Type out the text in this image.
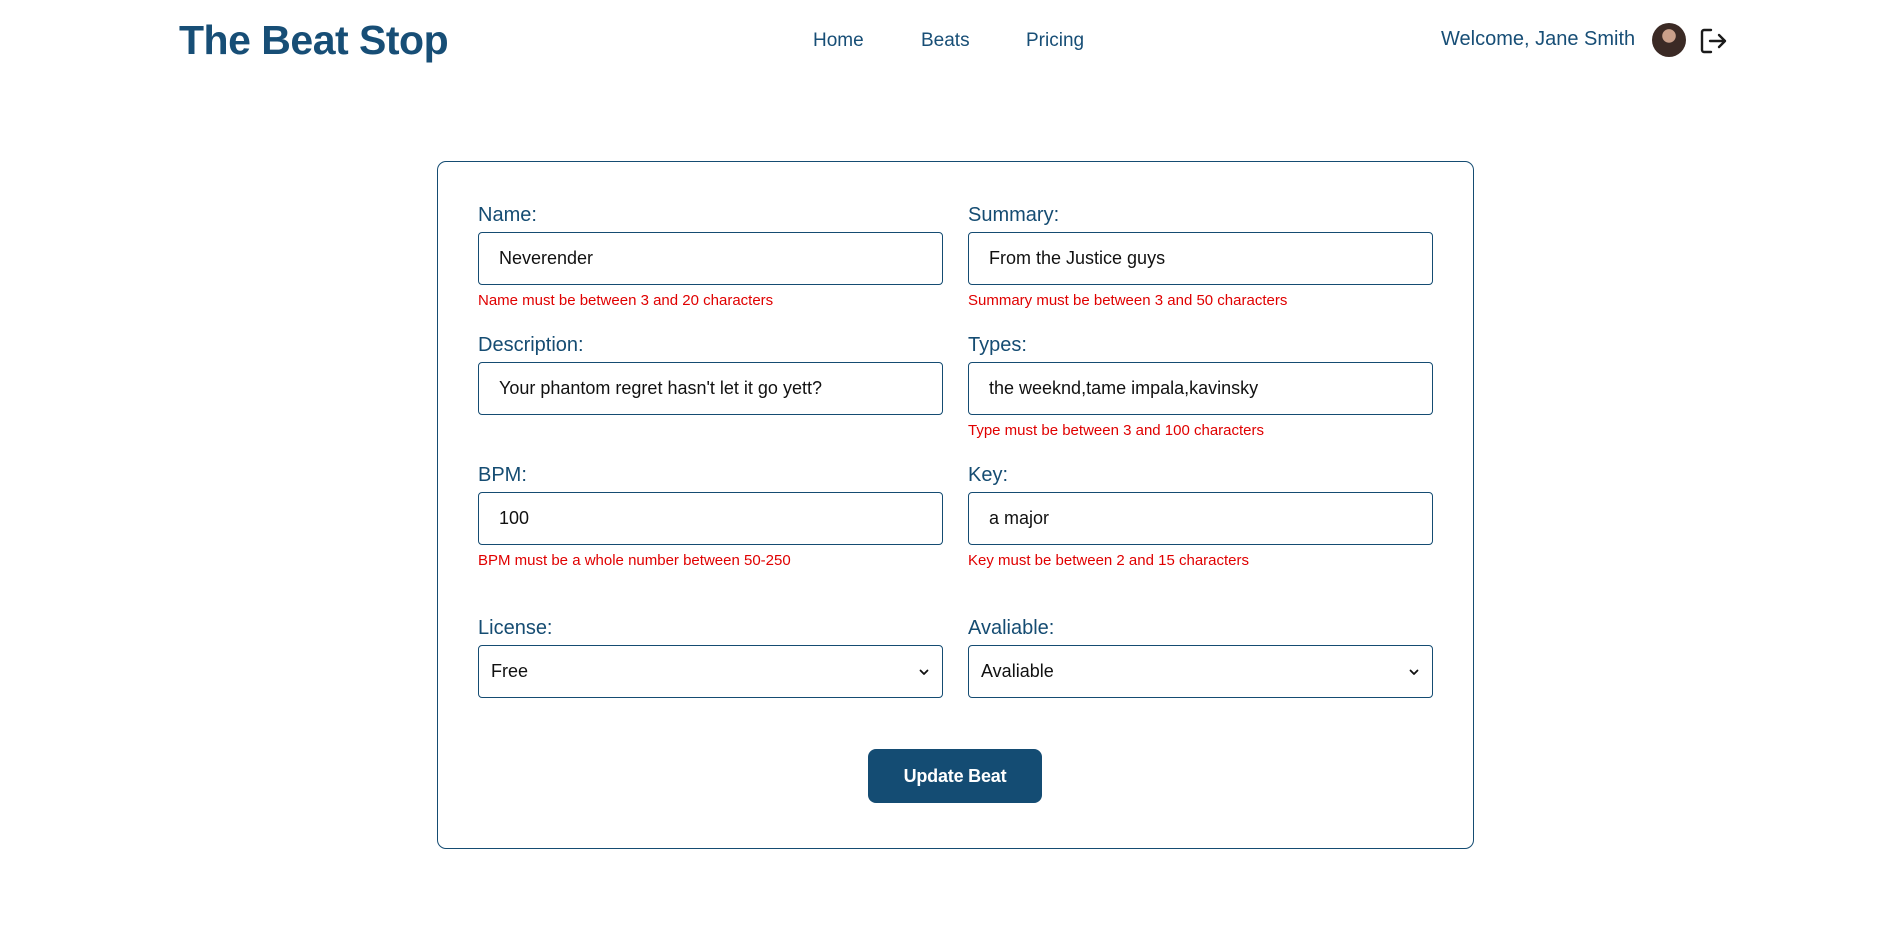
The Beat Stop	Home	Beats	Pricing	Welcome, Jane Smith
Name:
Neverender
Name must be between 3 and 20 characters
Summary:
From the Justice guys
Summary must be between 3 and 50 characters
Description:
Your phantom regret hasn't let it go yett?
Types:
the weeknd,tame impala,kavinsky
Type must be between 3 and 100 characters
BPM:
100
BPM must be a whole number between 50-250
Key:
a major
Key must be between 2 and 15 characters
License:
Free
Avaliable:
Avaliable
Update Beat
